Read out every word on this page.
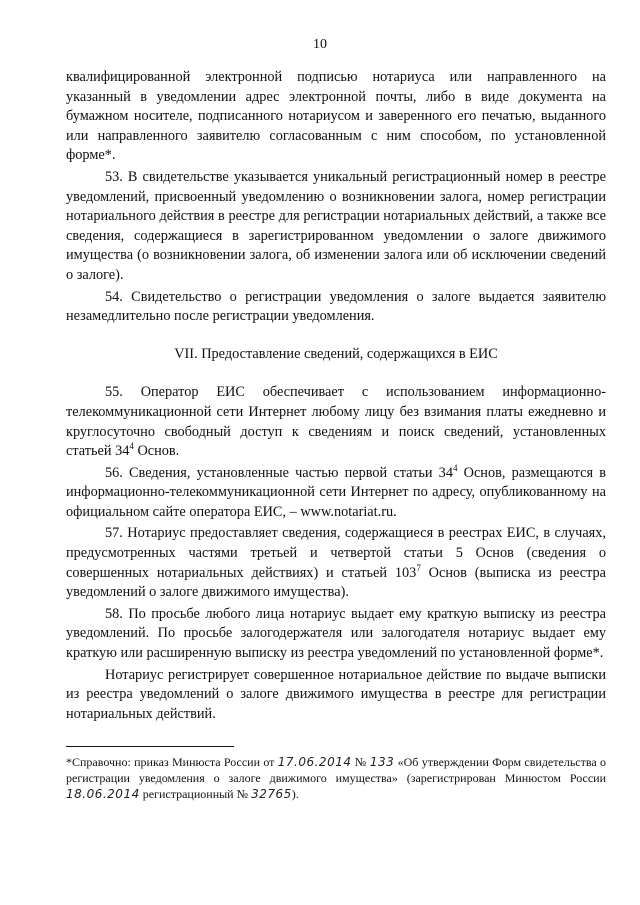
10

квалифицированной электронной подписью нотариуса или направленного на указанный в уведомлении адрес электронной почты, либо в виде документа на бумажном носителе, подписанного нотариусом и заверенного его печатью, выданного или направленного заявителю согласованным с ним способом, по установленной форме*.

53. В свидетельстве указывается уникальный регистрационный номер в реестре уведомлений, присвоенный уведомлению о возникновении залога, номер регистрации нотариального действия в реестре для регистрации нотариальных действий, а также все сведения, содержащиеся в зарегистрированном уведомлении о залоге движимого имущества (о возникновении залога, об изменении залога или об исключении сведений о залоге).

54. Свидетельство о регистрации уведомления о залоге выдается заявителю незамедлительно после регистрации уведомления.

VII. Предоставление сведений, содержащихся в ЕИС

55. Оператор ЕИС обеспечивает с использованием информационно-телекоммуникационной сети Интернет любому лицу без взимания платы ежедневно и круглосуточно свободный доступ к сведениям и поиск сведений, установленных статьей $34^4$ Основ.

56. Сведения, установленные частью первой статьи $34^4$ Основ, размещаются в информационно-телекоммуникационной сети Интернет по адресу, опубликованному на официальном сайте оператора ЕИС, – www.notariat.ru.

57. Нотариус предоставляет сведения, содержащиеся в реестрах ЕИС, в случаях, предусмотренных частями третьей и четвертой статьи 5 Основ (сведения о совершенных нотариальных действиях) и статьей $103^7$ Основ (выписка из реестра уведомлений о залоге движимого имущества).

58. По просьбе любого лица нотариус выдает ему краткую выписку из реестра уведомлений. По просьбе залогодержателя или залогодателя нотариус выдает ему краткую или расширенную выписку из реестра уведомлений по установленной форме*.

Нотариус регистрирует совершенное нотариальное действие по выдаче выписки из реестра уведомлений о залоге движимого имущества в реестре для регистрации нотариальных действий.

*Справочно: приказ Минюста России от 17.06.2014 № 133 «Об утверждении Форм свидетельства о регистрации уведомления о залоге движимого имущества» (зарегистрирован Минюстом России 18.06.2014 регистрационный № 32765).
